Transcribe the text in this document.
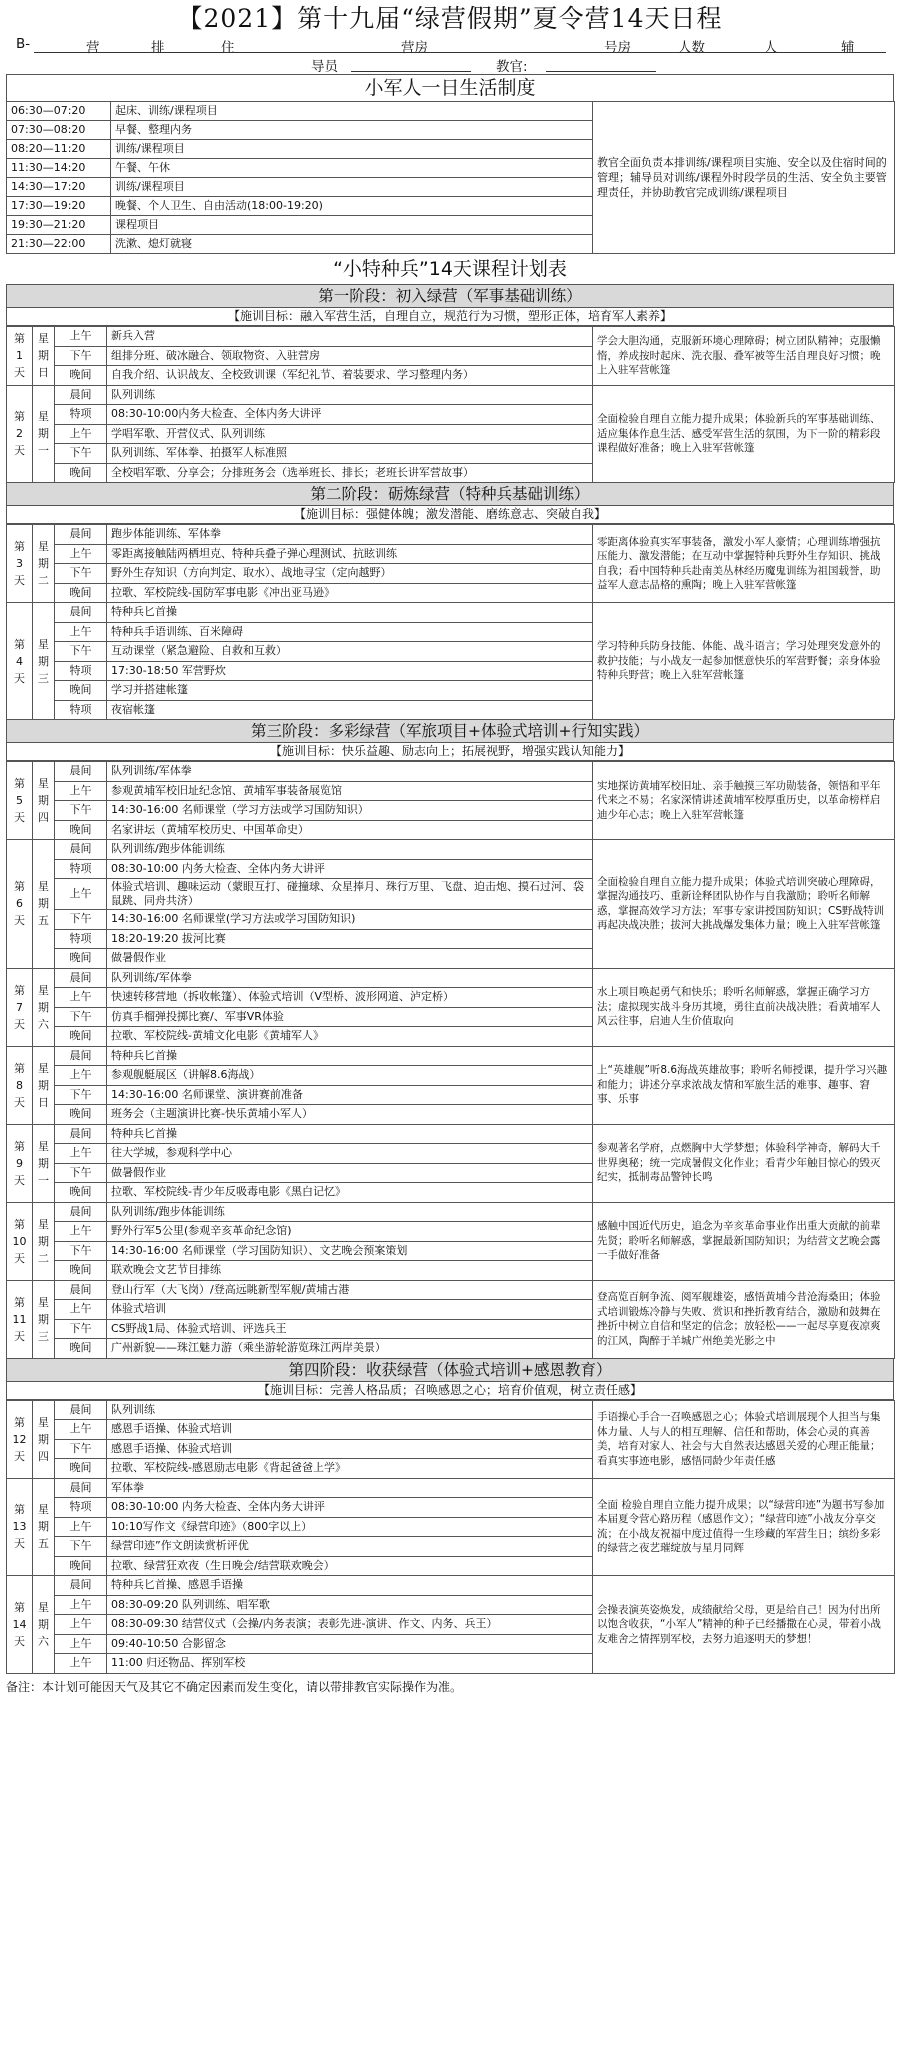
【2021】第十九届“绿营假期”夏令营14天日程
B-	营	排	住	营房	号房	人数	人	辅
导员	教官:
小军人一日生活制度
06:30—07:20	起床、训练/课程项目	教官全面负责本排训练/课程项目实施、安全以及住宿时间的管理；辅导员对训练/课程外时段学员的生活、安全负主要管理责任，并协助教官完成训练/课程项目
07:30—08:20	早餐、整理内务	
08:20—11:20	训练/课程项目	
11:30—14:20	午餐、午休	
14:30—17:20	训练/课程项目	
17:30—19:20	晚餐、个人卫生、自由活动(18:00-19:20)	
19:30—21:20	课程项目	
21:30—22:00	洗漱、熄灯就寝	
“小特种兵”14天课程计划表
第一阶段：初入绿营（军事基础训练）
【施训目标：融入军营生活，自理自立，规范行为习惯，塑形正体，培育军人素养】
第1天	星期日	上午	新兵入营	学会大胆沟通，克服新环境心理障碍；树立团队精神；克服懒惰，养成按时起床、洗衣服、叠军被等生活自理良好习惯；晚上入驻军营帐篷
		下午	组排分班、破冰融合、领取物资、入驻营房	
		晚间	自我介绍、认识战友、全校致训课（军纪礼节、着装要求、学习整理内务）	
第2天	星期一	晨间	队列训练	全面检验自理自立能力提升成果；体验新兵的军事基础训练、适应集体作息生活、感受军营生活的氛围，为下一阶的精彩段课程做好准备；晚上入驻军营帐篷
		特项	08:30-10:00内务大检查、全体内务大讲评	
		上午	学唱军歌、开营仪式、队列训练	
		下午	队列训练、军体拳、拍摄军人标准照	
		晚间	全校唱军歌、分享会；分排班务会（选举班长、排长；老班长讲军营故事）	
第二阶段：砺炼绿营（特种兵基础训练）
【施训目标：强健体魄；激发潜能、磨练意志、突破自我】
第3天	星期二	晨间	跑步体能训练、军体拳	零距离体验真实军事装备，激发小军人豪情；心理训练增强抗压能力、激发潜能；在互动中掌握特种兵野外生存知识、挑战自我；看中国特种兵赴南美丛林经历魔鬼训练为祖国载誉，助益军人意志品格的熏陶；晚上入驻军营帐篷
		上午	零距离接触陆两栖坦克、特种兵叠子弹心理测试、抗眩训练	
		下午	野外生存知识（方向判定、取水）、战地寻宝（定向越野）	
		晚间	拉歌、军校院线-国防军事电影《冲出亚马逊》	
第4天	星期三	晨间	特种兵匕首操	学习特种兵防身技能、体能、战斗语言；学习处理突发意外的救护技能；与小战友一起参加惬意快乐的军营野餐；亲身体验特种兵野营；晚上入驻军营帐篷
		上午	特种兵手语训练、百米障碍	
		下午	互动课堂（紧急避险、自救和互救）	
		特项	17:30-18:50 军营野炊	
		晚间	学习并搭建帐篷	
		特项	夜宿帐篷	
第三阶段：多彩绿营（军旅项目+体验式培训+行知实践）
【施训目标：快乐益趣、励志向上；拓展视野，增强实践认知能力】
第5天	星期四	晨间	队列训练/军体拳	实地探访黄埔军校旧址、亲手触摸三军功勋装备，领悟和平年代来之不易；名家深情讲述黄埔军校厚重历史，以革命榜样启迪少年心志；晚上入驻军营帐篷
		上午	参观黄埔军校旧址纪念馆、黄埔军事装备展览馆	
		下午	14:30-16:00 名师课堂（学习方法或学习国防知识）	
		晚间	名家讲坛（黄埔军校历史、中国革命史）	
第6天	星期五	晨间	队列训练/跑步体能训练	全面检验自理自立能力提升成果；体验式培训突破心理障碍，掌握沟通技巧、重新诠释团队协作与自我激励；聆听名师解惑，掌握高效学习方法；军事专家讲授国防知识；CS野战特训再起决战决胜；拔河大挑战爆发集体力量；晚上入驻军营帐篷
		特项	08:30-10:00 内务大检查、全体内务大讲评	
		上午	体验式培训、趣味运动（蒙眼互打、碰撞球、众星捧月、珠行万里、飞盘、迫击炮、摸石过河、袋鼠跳、同舟共济）	
		下午	14:30-16:00 名师课堂(学习方法或学习国防知识)	
		特项	18:20-19:20 拔河比赛	
		晚间	做暑假作业	
第7天	星期六	晨间	队列训练/军体拳	水上项目唤起勇气和快乐；聆听名师解惑，掌握正确学习方法；虚拟现实战斗身历其境，勇往直前决战决胜；看黄埔军人风云往事，启迪人生价值取向
		上午	快速转移营地（拆收帐篷）、体验式培训（V型桥、波形网道、泸定桥）	
		下午	仿真手榴弹投掷比赛/、军事VR体验	
		晚间	拉歌、军校院线-黄埔文化电影《黄埔军人》	
第8天	星期日	晨间	特种兵匕首操	上“英雄舰”听8.6海战英雄故事；聆听名师授课，提升学习兴趣和能力；讲述分享求浓战友情和军旅生活的难事、趣事、窘事、乐事
		上午	参观舰艇展区（讲解8.6海战）	
		下午	14:30-16:00 名师课堂、演讲赛前准备	
		晚间	班务会（主题演讲比赛-快乐黄埔小军人）	
第9天	星期一	晨间	特种兵匕首操	参观著名学府，点燃胸中大学梦想；体验科学神奇，解码大千世界奥秘；统一完成暑假文化作业；看青少年触目惊心的毁灭纪实，抵制毒品警钟长鸣
		上午	往大学城，参观科学中心	
		下午	做暑假作业	
		晚间	拉歌、军校院线-青少年反吸毒电影《黑白记忆》	
第10天	星期二	晨间	队列训练/跑步体能训练	感触中国近代历史，追念为辛亥革命事业作出重大贡献的前辈先贤；聆听名师解惑，掌握最新国防知识；为结营文艺晚会露一手做好准备
		上午	野外行军5公里(参观辛亥革命纪念馆)	
		下午	14:30-16:00 名师课堂（学习国防知识）、文艺晚会预案策划	
		晚间	联欢晚会文艺节目排练	
第11天	星期三	晨间	登山行军（大飞岗）/登高远眺新型军舰/黄埔古港	登高览百舸争流、阅军舰雄姿，感悟黄埔今昔沧海桑田；体验式培训锻炼冷静与失败、赏识和挫折教育结合，激励和鼓舞在挫折中树立自信和坚定的信念；放轻松——一起尽享夏夜凉爽的江风，陶醉于羊城广州绝美光影之中
		上午	体验式培训	
		下午	CS野战1局、体验式培训、评选兵王	
		晚间	广州新貌——珠江魅力游（乘坐游轮游览珠江两岸美景）	
第四阶段：收获绿营（体验式培训+感恩教育）
【施训目标：完善人格品质；召唤感恩之心；培育价值观，树立责任感】
第12天	星期四	晨间	队列训练	手语操心手合一召唤感恩之心；体验式培训展现个人担当与集体力量、人与人的相互理解、信任和帮助，体会心灵的真善美，培育对家人、社会与大自然表达感恩关爱的心理正能量；看真实事迹电影，感悟同龄少年责任感
		上午	感恩手语操、体验式培训	
		下午	感恩手语操、体验式培训	
		晚间	拉歌、军校院线-感恩励志电影《背起爸爸上学》	
第13天	星期五	晨间	军体拳	全面 检验自理自立能力提升成果；以“绿营印迹”为题书写参加本届夏令营心路历程（感恩作文）；“绿营印迹”小战友分享交流；在小战友祝福中度过值得一生珍藏的军营生日；缤纷多彩的绿营之夜艺璀绽放与星月同辉
		特项	08:30-10:00 内务大检查、全体内务大讲评	
		上午	10:10写作文《绿营印迹》（800字以上）	
		下午	绿营印迹”作文朗读赏析评优	
		晚间	拉歌、绿营狂欢夜（生日晚会/结营联欢晚会）	
第14天	星期六	晨间	特种兵匕首操、感恩手语操	会操表演英姿焕发，成绩献给父母，更是给自己！因为付出所以饱含收获，“小军人”精神的种子已经播撒在心灵，带着小战友难舍之情挥别军校，去努力追逐明天的梦想！
		上午	08:30-09:20 队列训练、唱军歌	
		上午	08:30-09:30 结营仪式（会操/内务表演；表彰先进-演讲、作文、内务、兵王）	
		上午	09:40-10:50 合影留念	
		上午	11:00 归还物品、挥别军校	
备注：本计划可能因天气及其它不确定因素而发生变化，请以带排教官实际操作为准。
